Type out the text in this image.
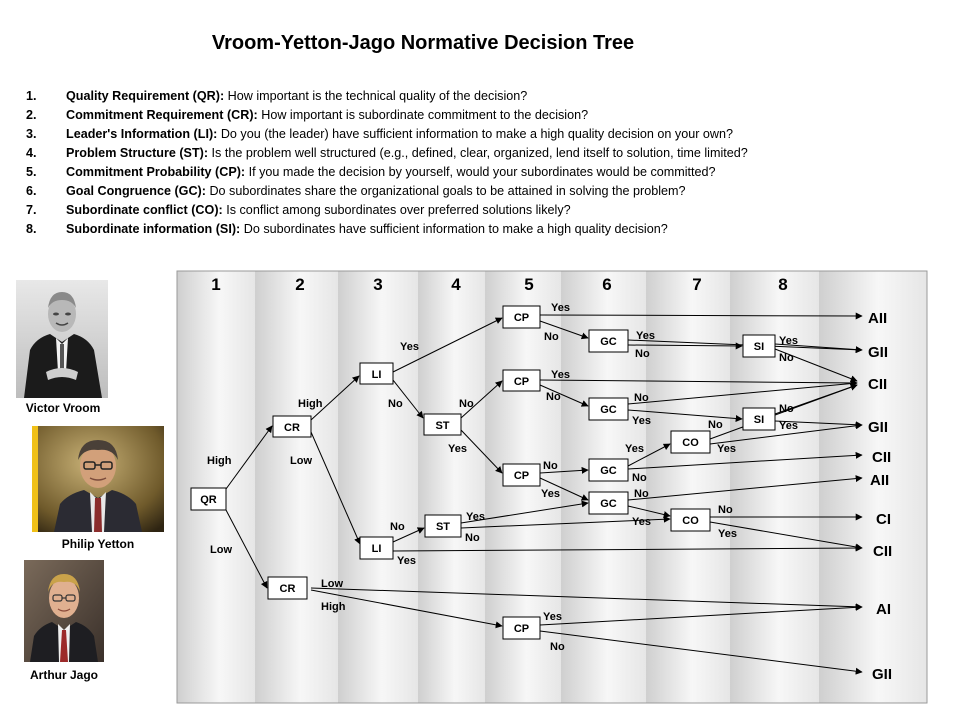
Vroom-Yetton-Jago Normative Decision Tree
1. Quality Requirement (QR): How important is the technical quality of the decision?
2. Commitment Requirement (CR): How important is subordinate commitment to the decision?
3. Leader's Information (LI): Do you (the leader) have sufficient information to make a high quality decision on your own?
4. Problem Structure (ST): Is the problem well structured (e.g., defined, clear, organized, lend itself to solution, time limited?
5. Commitment Probability (CP): If you made the decision by yourself, would your subordinates would be committed?
6. Goal Congruence (GC): Do subordinates share the organizational goals to be attained in solving the problem?
7. Subordinate conflict (CO): Is conflict among subordinates over preferred solutions likely?
8. Subordinate information (SI): Do subordinates have sufficient information to make a high quality decision?
Victor Vroom
Philip Yetton
Arthur Jago
1	2	3	4	5	6	7	8
QR
CR
CR
LI
LI
ST
ST
CP
CP
CP
CP
GC
GC
GC
GC
CO
CO
SI
SI
High
Low
High
Low
Low
High
Yes
No
No
Yes
No
Yes
Yes
No
Yes
No
Yes
No
No
Yes
Yes
No
Yes
No
No
Yes
No
No
Yes
No
Yes	Yes
No
Yes
Yes
No
No
Yes
AII
GII
CII
GII
CII
AII
CI
CII
AI
GII
